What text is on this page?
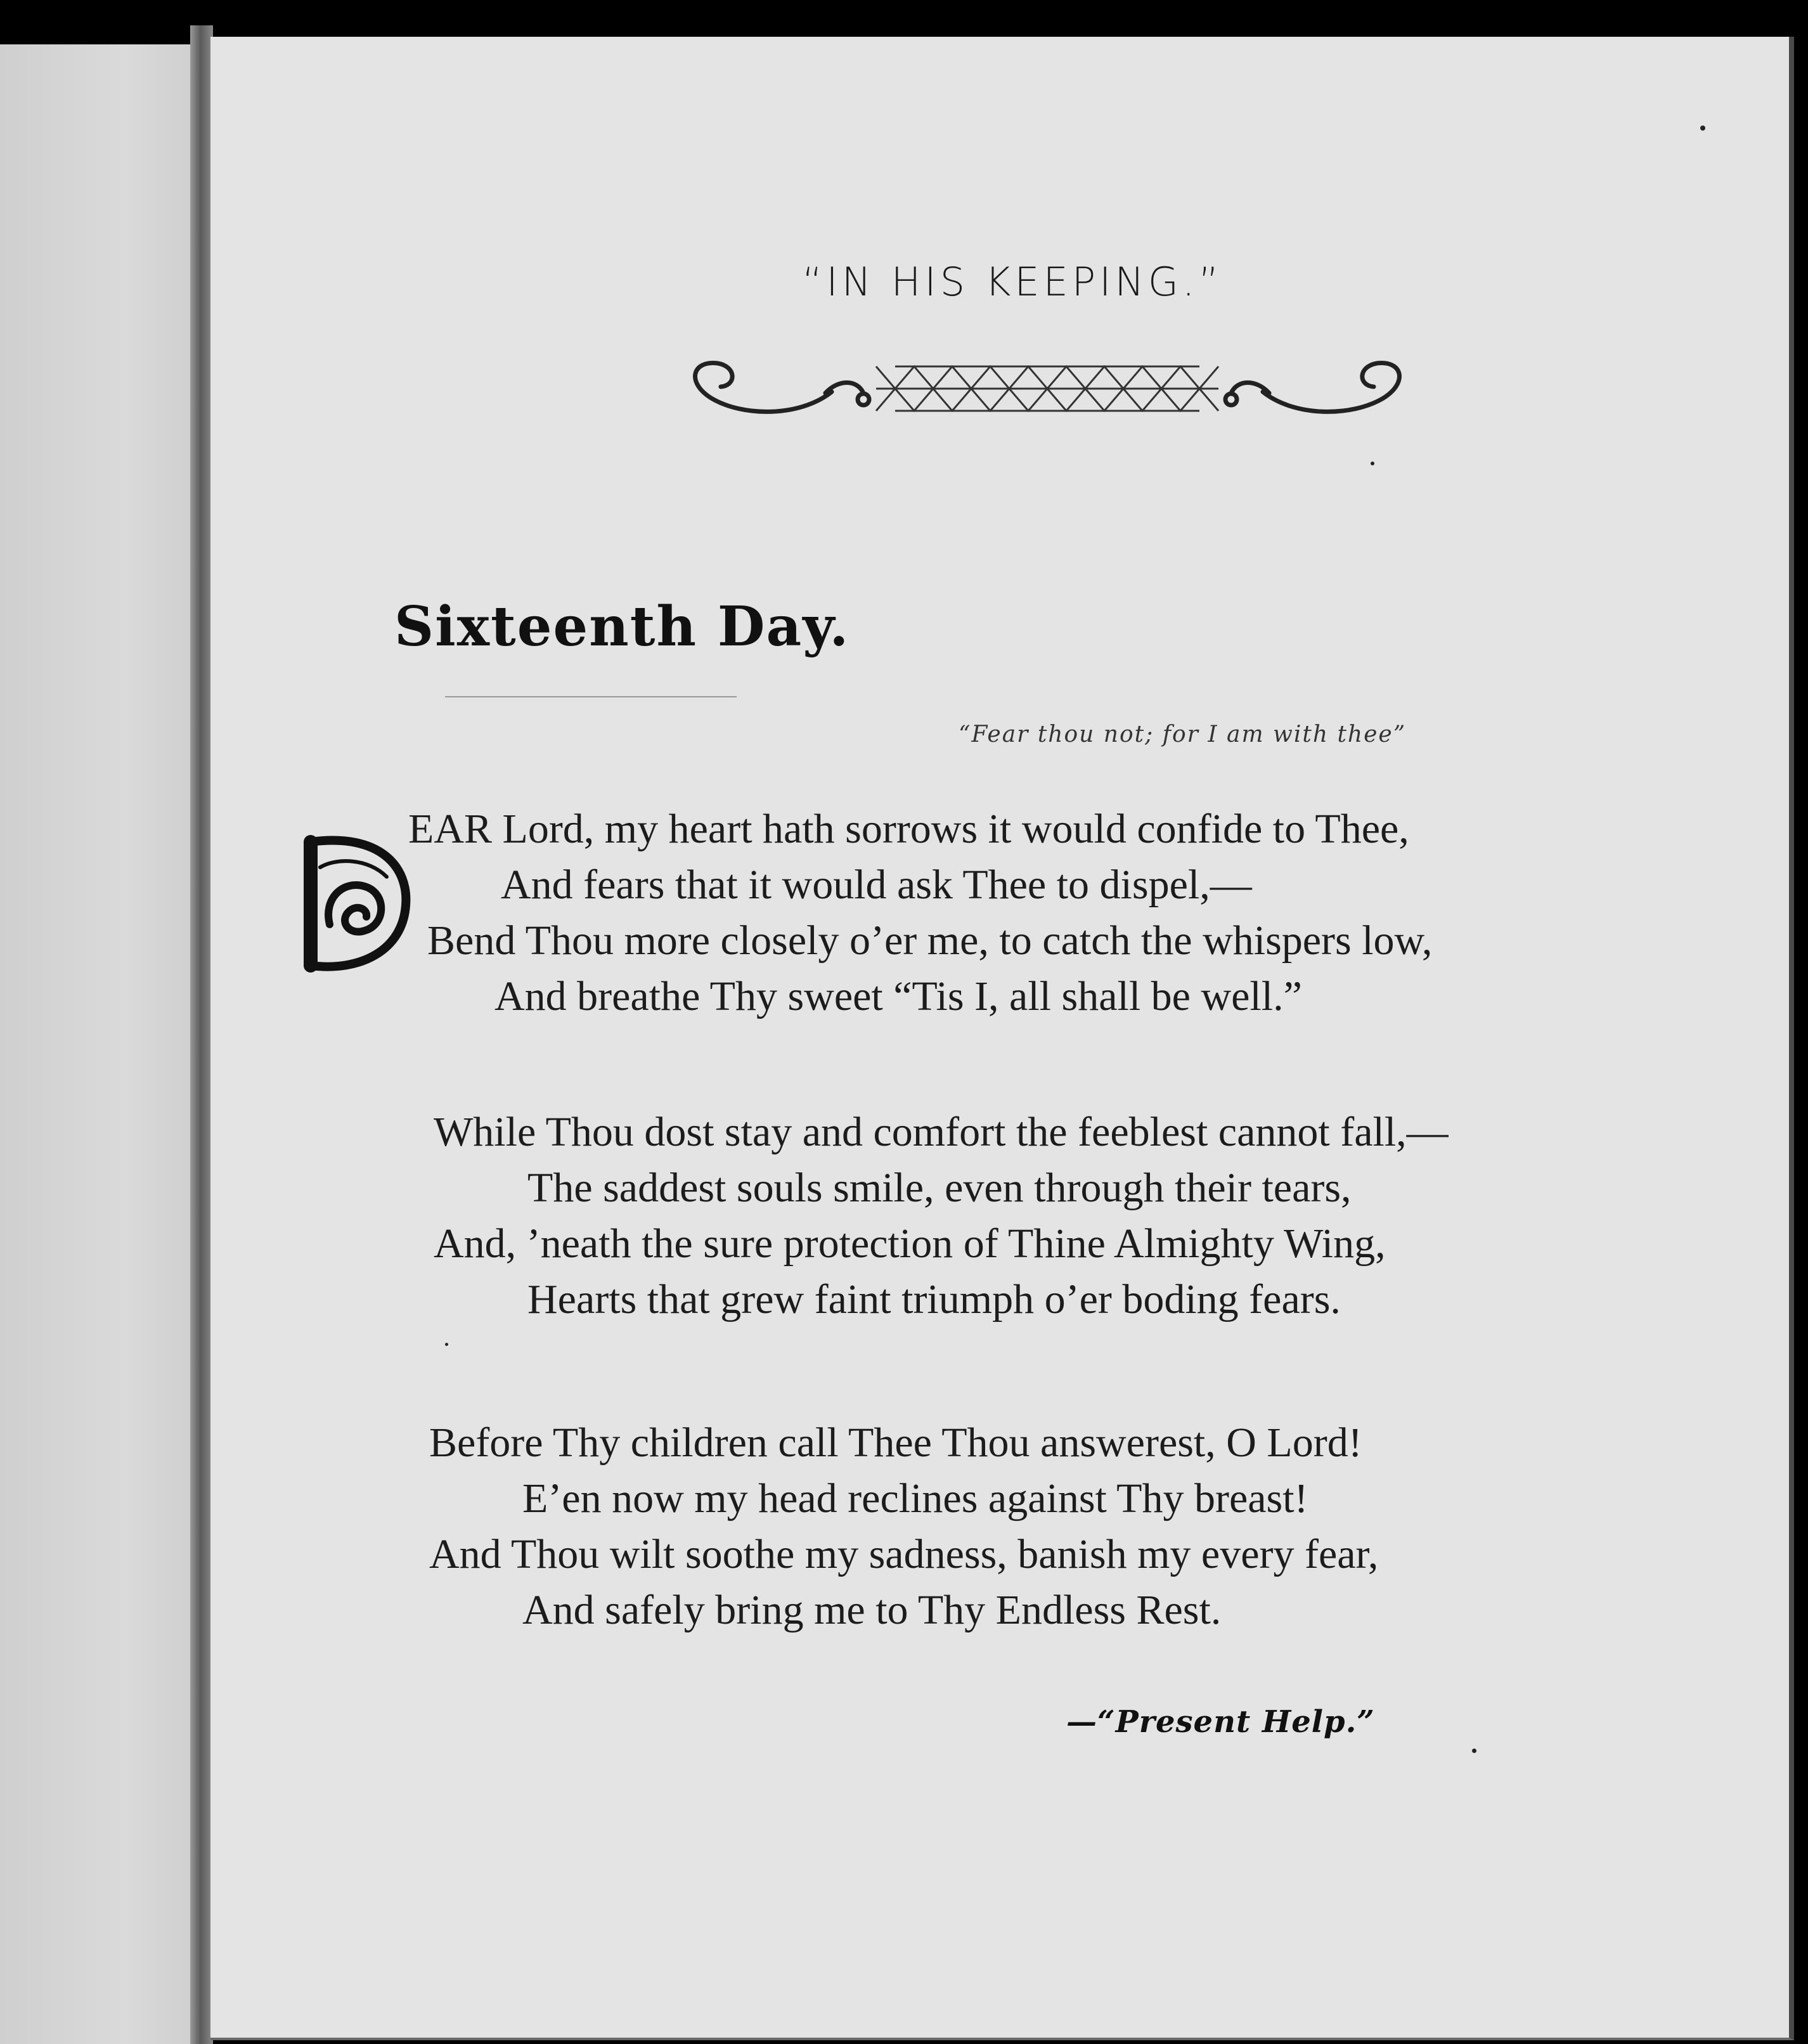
“IN HIS KEEPING.”
Sixteenth Day.
“Fear thou not; for I am with thee”
EAR Lord, my heart hath sorrows it would confide to Thee,
And fears that it would ask Thee to dispel,—
Bend Thou more closely o’er me, to catch the whispers low,
And breathe Thy sweet “Tis I, all shall be well.”
While Thou dost stay and comfort the feeblest cannot fall,—
The saddest souls smile, even through their tears,
And, ’neath the sure protection of Thine Almighty Wing,
Hearts that grew faint triumph o’er boding fears.
Before Thy children call Thee Thou answerest, O Lord!
E’en now my head reclines against Thy breast!
And Thou wilt soothe my sadness, banish my every fear,
And safely bring me to Thy Endless Rest.
—“Present Help.”
